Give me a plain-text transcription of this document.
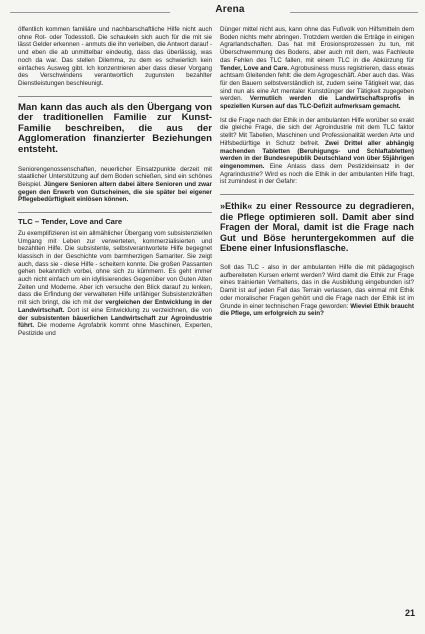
Arena

öffentlich kommen familiäre und nachbarschaftliche Hilfe nicht auch ohne Rot- oder Todesstoß. Die schaukeln sich auch für die mit sie lässt Gelder erkennen - anmuts die ihn verleiben, die Antwort darauf - und eben die ab unmittelbar eindeutig, dass das überlässig, was noch da war. Das stellen Dilemma, zu dem es schwierlich kein einfaches Ausweg gibt. Ich konzentrieren aber dass dieser Vorgang des Verschwindens verantwortlich zugunsten bezahlter Dienstleistungen beschleunigt.

Man kann das auch als den Übergang von der traditionellen Familie zur Kunst-Familie beschreiben, die aus der Agglomeration finanzierter Beziehungen entsteht.

Seniorengenossenschaften, neuerlicher Einsatzpunkte derzeit mit staatlicher Unterstützung auf dem Boden schießen, sind ein schönes Beispiel. Jüngere Senioren altern dabei ältere Senioren und zwar gegen den Erwerb von Gutscheinen, die sie später bei eigener Pflegebedürftigkeit einlösen können.

TLC – Tender, Love and Care

Zu exemplifizieren ist ein allmählicher Übergang vom subsistenziellen Umgang mit Leben zur verwerteten, kommerzialisierten und bezahlten Hilfe. Die subsistente, selbstverantwortete Hilfe begegnet klassisch in der Geschichte vom barmherzigen Samariter. Sie zeigt auch, dass sie - diese Hilfe - scheitern konnte. Die großen Passanten gehen bekanntlich vorbei, ohne sich zu kümmern. Es geht immer auch nicht einfach um ein idyllisierendes Gegenüber von Guten Alten Zeiten und Moderne. Aber ich versuche den Blick darauf zu lenken, dass die Erfindung der verwalteten Hilfe unfähiger Subsistenzkräften mit sich bringt, die ich mit der vergleichen der Entwicklung in der Landwirtschaft. Dort ist eine Entwicklung zu verzeichnen, die von der subsistenten bäuerlichen Landwirtschaft zur Agroindustrie führt. Die moderne Agrofabrik kommt ohne Maschinen, Experten, Pestizide und

Dünger mittel nicht aus, kann ohne das Fußvolk von Hilfsmitteln dem Boden nichts mehr abringen. Trotzdem werden die Erträge in einigen Agrarlandschaften. Das hat mit Erosionsprozessen zu tun, mit Überschwemmung des Bodens, aber auch mit dem, was Fachleute das Fehlen des TLC fallen, mit einem TLC in die Abkürzung für Tender, Love and Care. Agrobusiness muss registrieren, dass etwas achtsam Gleitenden fehlt: die dem Agrogeschäft. Aber auch das. Was für den Bauern selbstverständlich ist, zudem seine Tätigkeit war, das sind nun als eine Art mentaler Kunstdünger der Tätigkeit zugegeben werden. Vermutlich werden die Landwirtschaftsprofis in speziellen Kursen auf das TLC-Defizit aufmerksam gemacht.

Ist die Frage nach der Ethik in der ambulanten Hilfe worüber so exakt die gleiche Frage, die sich der Agroindustrie mit dem TLC faktor stellt? Mit Tabellen, Maschinen und Professionalität werden Arte und Hilfsbedürftige in Schutz befreit. Zwei Drittel aller abhängig machenden Tabletten (Beruhigungs- und Schlaftabletten) werden in der Bundesrepublik Deutschland von über 55jährigen eingenommen. Eine Anlass dass dem Pestizideinsatz in der Agrarindustrie? Wird es noch die Ethik in der ambulanten Hilfe fragt, ist zumindest in der Gefahr:

»Ethik« zu einer Ressource zu degradieren, die Pflege optimieren soll. Damit aber sind Fragen der Moral, damit ist die Frage nach Gut und Böse heruntergekommen auf die Ebene einer Infusionsflasche.

Soll das TLC - also in der ambulanten Hilfe die mit pädagogisch aufbereiteten Kursen erlernt werden? Wird damit die Ethik zur Frage eines trainierten Verhaltens, das in die Ausbildung eingebunden ist? Damit ist auf jeden Fall das Terrain verlassen, das einmal mit Ethik oder moralischer Fragen gehört und die Frage nach der Ethik ist im Grunde in einer technischen Frage geworden: Wieviel Ethik braucht die Pflege, um erfolgreich zu sein?

21
